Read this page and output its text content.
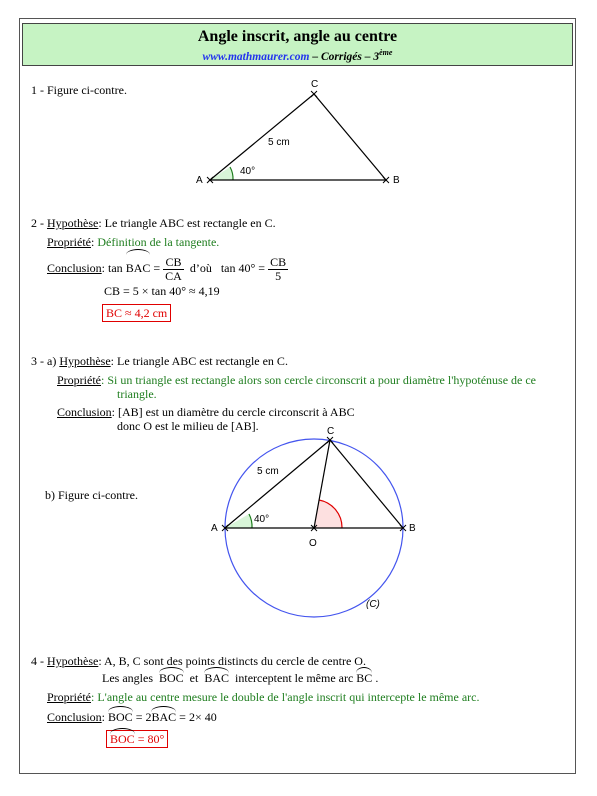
Angle inscrit, angle au centre
www.mathmaurer.com – Corrigés – 3ème
1 - Figure ci-contre.
A	B
C
5 cm
40°
A	B
C
O
5 cm
40°
(C)
2 - Hypothèse: Le triangle ABC est rectangle en C.
Propriété: Définition de la tangente.
Conclusion: tan BAC = $\frac{CB}{CA}$ d’où $\tan 40^\circ = \frac{CB}{5}$
CB = 5 × tan 40° ≈ 4,19
BC ≈ 4,2 cm
3 - a) Hypothèse: Le triangle ABC est rectangle en C.
Propriété: Si un triangle est rectangle alors son cercle circonscrit a pour diamètre l'hypoténuse de ce
triangle.
Conclusion: [AB] est un diamètre du cercle circonscrit à ABC
donc O est le milieu de [AB].
b) Figure ci-contre.
4 - Hypothèse: A, B, C sont des points distincts du cercle de centre O.
Les angles BOC et BAC interceptent le même arc BC .
Propriété: L'angle au centre mesure le double de l'angle inscrit qui intercepte le même arc.
Conclusion: BOC = 2BAC = 2× 40
BOC = 80°
